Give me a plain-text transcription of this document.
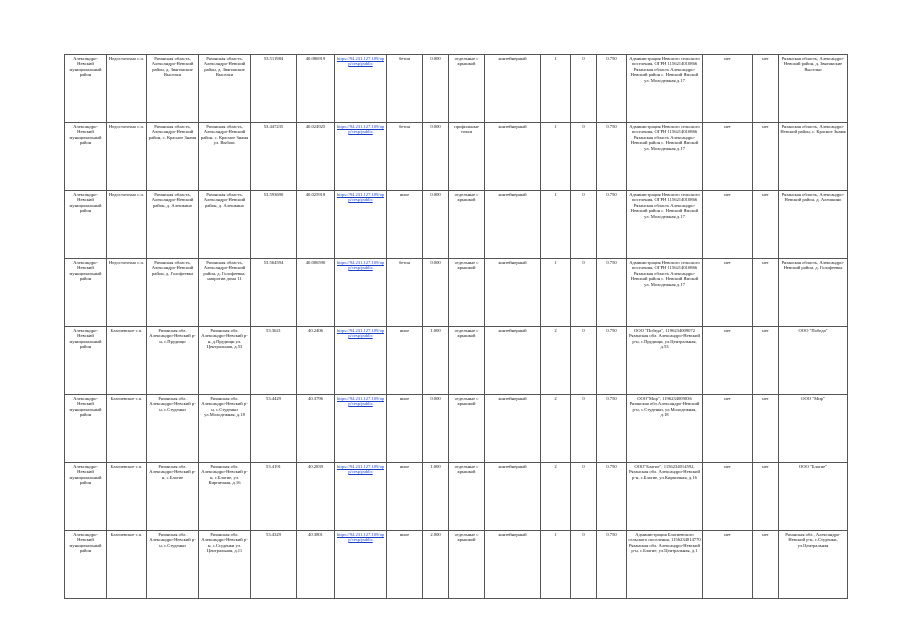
Александро-Невский муниципальный район	Недостаточно с.п.	Рязанская область, Александро-Невский район, д. Звягинские Выселки	Рязанская область, Александро-Невский район, д. Звягинские Выселки	53.511984	40.086919	https://94.231.127.109/app/cesp/public	бетон	0.000	отдельные с крышкой	контейнерный	1	0	0.750	Администрация Невского сельского поселения, ОГРН 1156214010866 Рязанская область Александро-Невский район с. Невский Ямской ул. Молодежная д.17	нет	нет	Рязанская область, Александро-Невский район, д. Звягинские Выселки
Александро-Невский муниципальный район	Недостаточно с.п.	Рязанская область, Александро-Невский район, с. Красное Знамя	Рязанская область, Александро-Невский район, с. Красное Знамя ул. Выбокс	53.447235	40.024925	https://94.231.127.109/app/cesp/public	бетон	0.000	профильные точки	контейнерный	1	0	0.750	Администрация Невского сельского поселения, ОГРН 1156214010866 Рязанская область Александро-Невский район с. Невский Ямской ул. Молодежная д.17	нет	нет	Рязанская область, Александро-Невский район, с. Красное Знамя
Александро-Невский муниципальный район	Недостаточно с.п.	Рязанская область, Александро-Невский район, д. Алешкино	Рязанская область, Александро-Невский район, д. Алешкино	53.593690	40.025918	https://94.231.127.109/app/cesp/public	иное	0.000	отдельные с крышкой	контейнерный	1	0	0.750	Администрация Невского сельского поселения, ОГРН 1156214010866 Рязанская область Александро-Невский район с. Невский Ямской ул. Молодежная д.17	нет	нет	Рязанская область, Александро-Невский район, д. Алешкино
Александро-Невский муниципальный район	Недостаточно с.п.	Рязанская область, Александро-Невский район, д. Голофеевка	Рязанская область, Александро-Невский район, д. Голофеевка, напротив дома 11	53.564594	40.006590	https://94.231.127.109/app/cesp/public	бетон	0.000	отдельные с крышкой	контейнерный	1	0	0.750	Администрация Невского сельского поселения, ОГРН 1156214010866 Рязанская область Александро-Невский район с. Невский Ямской ул. Молодежная д.17	нет	нет	Рязанская область, Александро-Невский район, д. Голофеевка
Александро-Невский муниципальный район	Благиевское с.п.	Рязанская обл. Александро-Невский р-н, с.Прудищи	Рязанская обл. Александро-Невский р-н, д.Прудищи ул. Центральная, д.53	53.3621	40.2406	https://94.231.127.109/app/cesp/public	иное	1.000	отдельные с крышкой	контейнерный	2	0	0.750	ООО "Победа", 1196234009072 Рязанская обл. Александро-Невский р-н, с.Прудищи, ул.Центральная, д.53	нет	нет	ООО "Победа"
Александро-Невский муниципальный район	Благиевское с.п.	Рязанская обл. Александро-Невский р-н, с.Студенки	Рязанская обл. Александро-Невский р-н, с.Студенки ул.Молодежная, д.18	53.4429	40.3796	https://94.231.127.109/app/cesp/public	иное	0.000	отдельные с крышкой	контейнерный	2	0	0.750	ООО"Мир", 1196234009036 Рязанская обл.Александро-Невский р-н, с.Студенки, ул.Молодежная, д.18	нет	нет	ООО "Мир"
Александро-Невский муниципальный район	Благиевское с.п.	Рязанская обл. Александро-Невский р-н, с.Благие	Рязанская обл. Александро-Невский р-н, с.Благие, ул. Кирпичная, д.16	53.4191	40.2839	https://94.231.127.109/app/cesp/public	иное	1.000	отдельные с крышкой	контейнерный	2	0	0.750	ООО"Благие", 1156234014592, Рязанская обл. Александро-Невский р-н, с.Благие, ул.Кирпичная, д.16	нет	нет	ООО "Благие"
Александро-Невский муниципальный район	Благиевское с.п.	Рязанская обл. Александро-Невский р-н, с.Студенки	Рязанская обл. Александро-Невский р-н, с.Студенки ул. Центральная, д.11	53.4329	40.3801	https://94.231.127.109/app/cesp/public	иное	2.000	отдельные с крышкой	контейнерный	1	0	0.750	Администрация Благиевского сельского поселения, 1156234014770 Рязанская обл. Александро-Невский р-н, с.Благие, ул.Центральная, д.1	нет	нет	Рязанская обл., Александро-Невский р-н, с.Студенки, ул.Центральная
